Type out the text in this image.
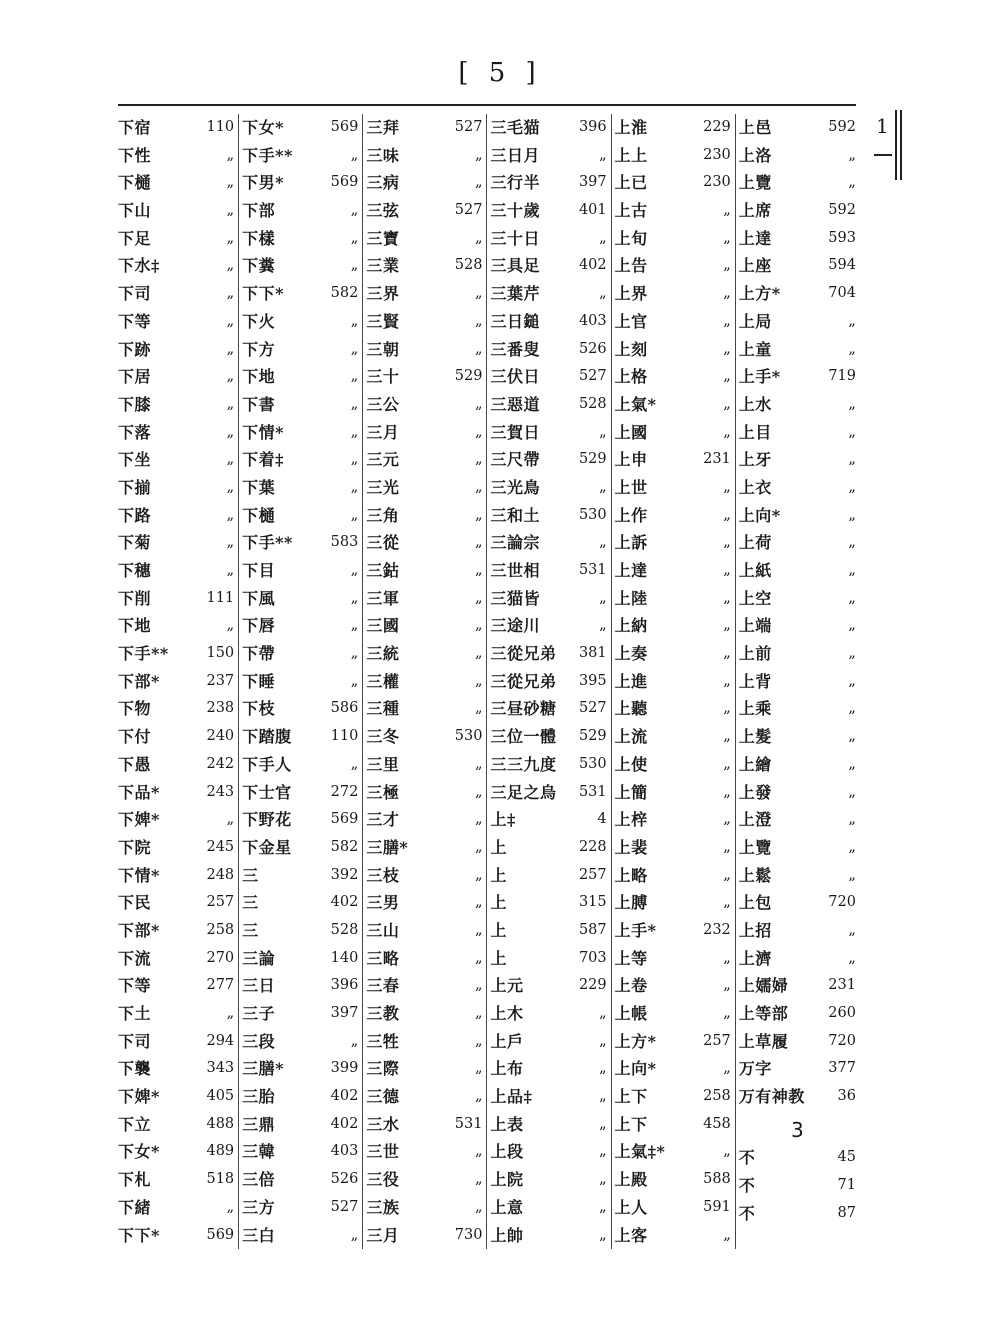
[ 5 ]
1
下宿	110
下性	„
下樋	„
下山	„
下足	„
下水‡	„
下司	„
下等	„
下跡	„
下居	„
下膝	„
下落	„
下坐	„
下揃	„
下路	„
下菊	„
下穗	„
下削	111
下地	„
下手**	150
下部*	237
下物	238
下付	240
下愚	242
下品*	243
下婢*	„
下院	245
下情*	248
下民	257
下部*	258
下流	270
下等	277
下土	„
下司	294
下襲	343
下婢*	405
下立	488
下女*	489
下札	518
下緒	„
下下*	569
下女*	569
下手**	„
下男*	569
下部	„
下樣	„
下糞	„
下下*	582
下火	„
下方	„
下地	„
下書	„
下情*	„
下着‡	„
下葉	„
下樋	„
下手**	583
下目	„
下風	„
下唇	„
下帶	„
下睡	„
下枝	586
下踏腹	110
下手人	„
下士官	272
下野花	569
下金星	582
三	392
三	402
三	528
三論	140
三日	396
三子	397
三段	„
三膳*	399
三胎	402
三鼎	402
三韓	403
三倍	526
三方	527
三白	„
三拜	527
三味	„
三病	„
三弦	527
三寶	„
三業	528
三界	„
三賢	„
三朝	„
三十	529
三公	„
三月	„
三元	„
三光	„
三角	„
三從	„
三鈷	„
三軍	„
三國	„
三統	„
三權	„
三種	„
三冬	530
三里	„
三極	„
三才	„
三膳*	„
三枝	„
三男	„
三山	„
三略	„
三春	„
三教	„
三牲	„
三際	„
三德	„
三水	531
三世	„
三役	„
三族	„
三月	730
三毛猫	396
三日月	„
三行半	397
三十歲	401
三十日	„
三具足	402
三葉芹	„
三日鎚	403
三番叟	526
三伏日	527
三惡道	528
三賀日	„
三尺帶	529
三光鳥	„
三和土	530
三論宗	„
三世相	531
三猫皆	„
三途川	„
三從兄弟 381
三從兄弟 395
三昼砂糖 527
三位一體 529
三三九度 530
三足之烏 531
上‡	4
上	228
上	257
上	315
上	587
上	703
上元	229
上木	„
上戶	„
上布	„
上品‡	„
上表	„
上段	„
上院	„
上意	„
上帥	„
上淮	229
上上	230
上已	230
上古	„
上旬	„
上告	„
上界	„
上官	„
上刻	„
上格	„
上氣*	„
上國	„
上申	231
上世	„
上作	„
上訴	„
上達	„
上陸	„
上納	„
上奏	„
上進	„
上聽	„
上流	„
上使	„
上簡	„
上梓	„
上裴	„
上略	„
上膊	„
上手*	232
上等	„
上卷	„
上帳	„
上方*	257
上向*	„
上下	258
上下	458
上氣‡*	„
上殿	588
上人	591
上客	„
上邑	592
上洛	„
上覽	„
上席	592
上達	593
上座	594
上方*	704
上局	„
上童	„
上手*	719
上水	„
上目	„
上牙	„
上衣	„
上向*	„
上荷	„
上紙	„
上空	„
上端	„
上前	„
上背	„
上乘	„
上髮	„
上繪	„
上發	„
上澄	„
上覽	„
上鬆	„
上包	720
上招	„
上濟	„
上嬬婦	231
上等部	260
上草履	720
万字	377
万有神教 36
3
不	45
不	71
不	87
